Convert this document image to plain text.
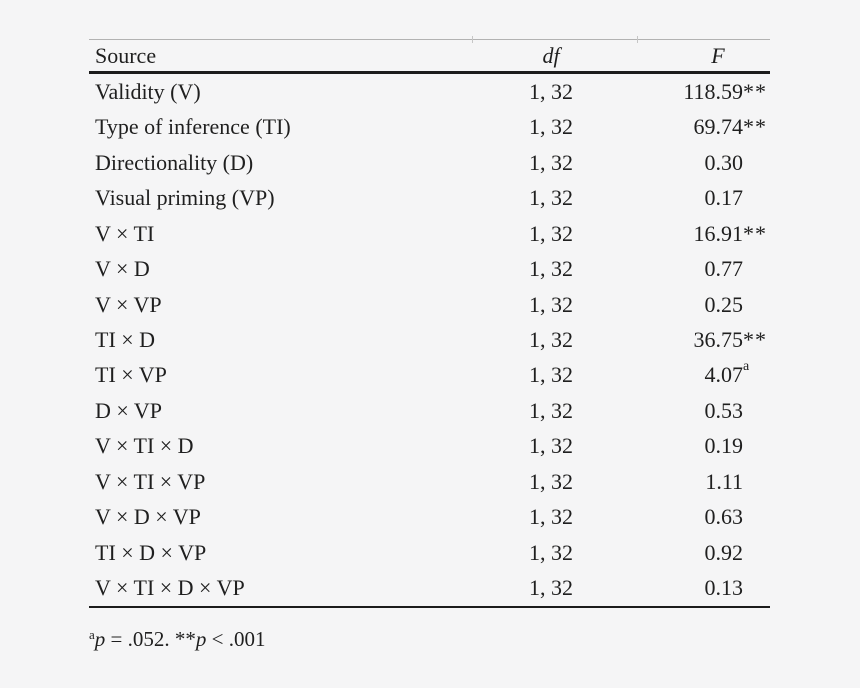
Source	df	F
Validity (V)	1, 32	118.59 **
Type of inference (TI)	1, 32	69.74 **
Directionality (D)	1, 32	0.30
Visual priming (VP)	1, 32	0.17
V × TI	1, 32	16.91 **
V × D	1, 32	0.77
V × VP	1, 32	0.25
TI × D	1, 32	36.75 **
TI × VP	1, 32	4.07 a
D × VP	1, 32	0.53
V × TI × D	1, 32	0.19
V × TI × VP	1, 32	1.11
V × D × VP	1, 32	0.63
TI × D × VP	1, 32	0.92
V × TI × D × VP	1, 32	0.13
$^a$p = .052. **p < .001
